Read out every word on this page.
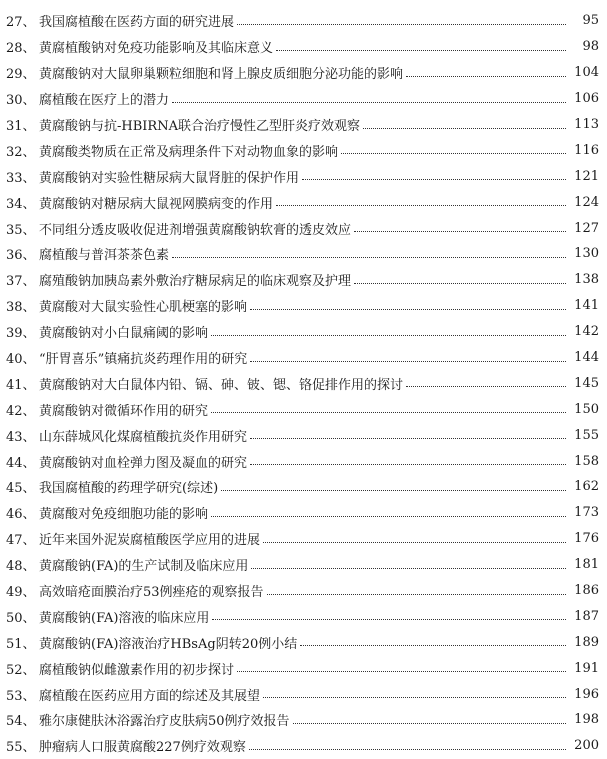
27、 我国腐植酸在医药方面的研究进展	95
28、 黄腐植酸钠对免疫功能影响及其临床意义	98
29、 黄腐酸钠对大鼠卵巢颗粒细胞和肾上腺皮质细胞分泌功能的影响	104
30、 腐植酸在医疗上的潜力	106
31、 黄腐酸钠与抗-HBIRNA联合治疗慢性乙型肝炎疗效观察	113
32、 黄腐酸类物质在正常及病理条件下对动物血象的影响	116
33、 黄腐酸钠对实验性糖尿病大鼠肾脏的保护作用	121
34、 黄腐酸钠对糖尿病大鼠视网膜病变的作用	124
35、 不同组分透皮吸收促进剂增强黄腐酸钠软膏的透皮效应	127
36、 腐植酸与普洱茶茶色素	130
37、 腐殖酸钠加胰岛素外敷治疗糖尿病足的临床观察及护理	138
38、 黄腐酸对大鼠实验性心肌梗塞的影响	141
39、 黄腐酸钠对小白鼠痛阈的影响	142
40、 “肝胃喜乐”镇痛抗炎药理作用的研究	144
41、 黄腐酸钠对大白鼠体内铅、镉、砷、铍、锶、铬促排作用的探讨	145
42、 黄腐酸钠对微循环作用的研究	150
43、 山东薛城风化煤腐植酸抗炎作用研究	155
44、 黄腐酸钠对血栓弹力图及凝血的研究	158
45、 我国腐植酸的药理学研究(综述)	162
46、 黄腐酸对免疫细胞功能的影响	173
47、 近年来国外泥炭腐植酸医学应用的进展	176
48、 黄腐酸钠(FA)的生产试制及临床应用	181
49、 高效暗疮面膜治疗53例痤疮的观察报告	186
50、 黄腐酸钠(FA)溶液的临床应用	187
51、 黄腐酸钠(FA)溶液治疗HBsAg阴转20例小结	189
52、 腐植酸钠似雌激素作用的初步探讨	191
53、 腐植酸在医药应用方面的综述及其展望	196
54、 雅尔康健肤沐浴露治疗皮肤病50例疗效报告	198
55、 肿瘤病人口服黄腐酸227例疗效观察	200
